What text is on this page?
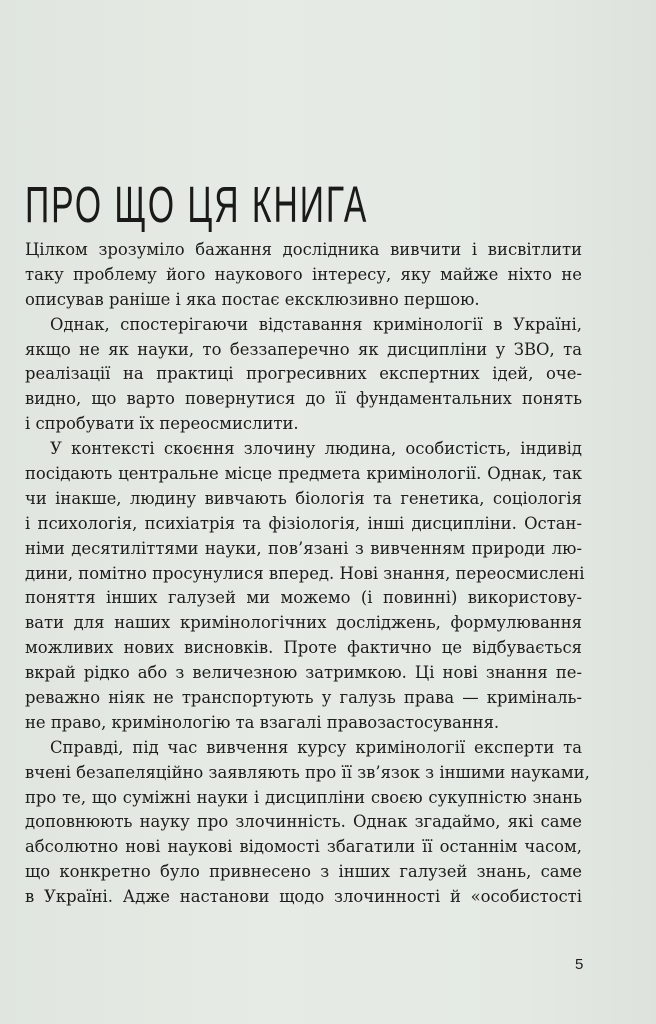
ПРО ЩО ЦЯ КНИГА
Цілком зрозуміло бажання дослідника вивчити і висвітлити
таку проблему його наукового інтересу, яку майже ніхто не
описував раніше і яка постає ексклюзивно першою.
Однак, спостерігаючи відставання кримінології в Україні,
якщо не як науки, то беззаперечно як дисципліни у ЗВО, та
реалізації на практиці прогресивних експертних ідей, оче-
видно, що варто повернутися до її фундаментальних понять
і спробувати їх переосмислити.
У контексті скоєння злочину людина, особистість, індивід
посідають центральне місце предмета кримінології. Однак, так
чи інакше, людину вивчають біологія та генетика, соціологія
і психологія, психіатрія та фізіологія, інші дисципліни. Остан-
німи десятиліттями науки, пов’язані з вивченням природи лю-
дини, помітно просунулися вперед. Нові знання, переосмислені
поняття інших галузей ми можемо (і повинні) використову-
вати для наших кримінологічних досліджень, формулювання
можливих нових висновків. Проте фактично це відбувається
вкрай рідко або з величезною затримкою. Ці нові знання пе-
реважно ніяк не транспортують у галузь права — криміналь-
не право, кримінологію та взагалі правозастосування.
Справді, під час вивчення курсу кримінології експерти та
вчені безапеляційно заявляють про її зв’язок з іншими науками,
про те, що суміжні науки і дисципліни своєю сукупністю знань
доповнюють науку про злочинність. Однак згадаймо, які саме
абсолютно нові наукові відомості збагатили її останнім часом,
що конкретно було привнесено з інших галузей знань, саме
в Україні. Адже настанови щодо злочинності й «особистості
5
